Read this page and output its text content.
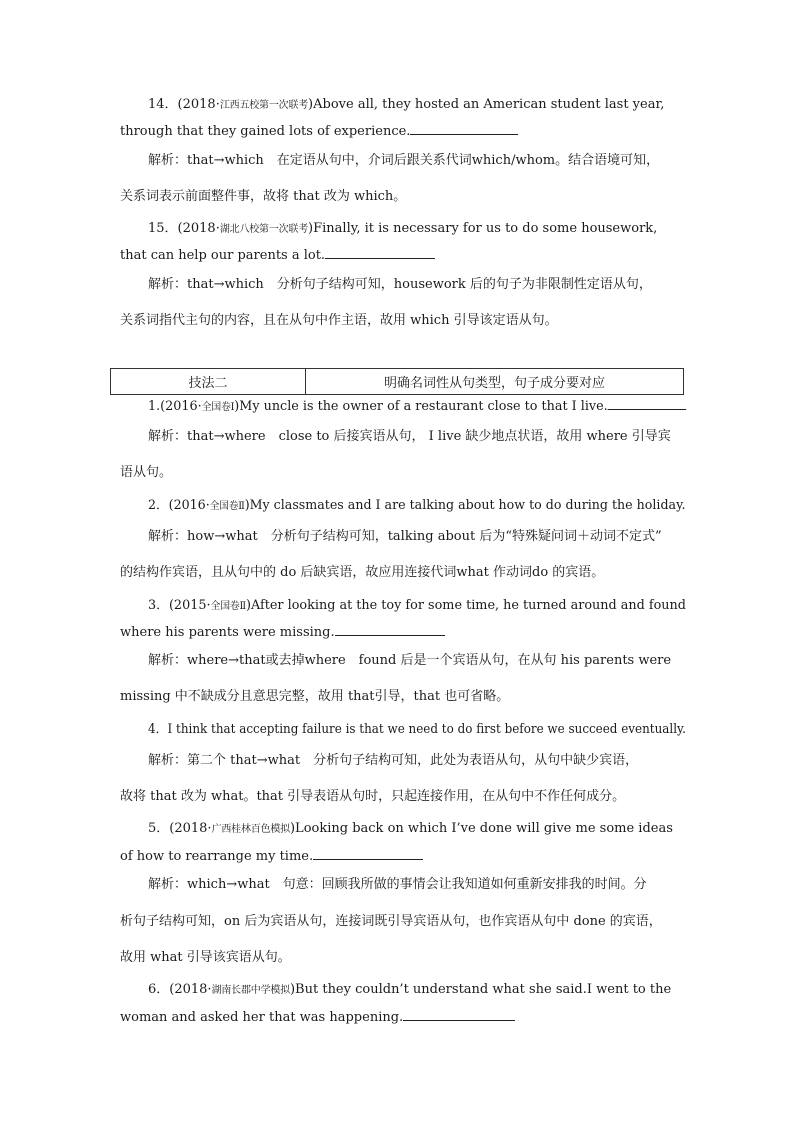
14．(2018·江西五校第一次联考)Above all, they hosted an American student last year,
through that they gained lots of experience.
解析：that→which　在定语从句中，介词后跟关系代词which/whom。结合语境可知，
关系词表示前面整件事，故将 that 改为 which。
15．(2018·湖北八校第一次联考)Finally, it is necessary for us to do some housework,
that can help our parents a lot.
解析：that→which　分析句子结构可知，housework 后的句子为非限制性定语从句，
关系词指代主句的内容，且在从句中作主语，故用 which 引导该定语从句。
技法二	明确名词性从句类型，句子成分要对应
1.(2016·全国卷Ⅰ)My uncle is the owner of a restaurant close to that I live.
解析：that→where　close to 后接宾语从句， I live 缺少地点状语，故用 where 引导宾
语从句。
2．(2016·全国卷Ⅱ)My classmates and I are talking about how to do during the holiday.
解析：how→what　分析句子结构可知，talking about 后为“特殊疑问词＋动词不定式”
的结构作宾语，且从句中的 do 后缺宾语，故应用连接代词what 作动词do 的宾语。
3．(2015·全国卷Ⅱ)After looking at the toy for some time, he turned around and found
where his parents were missing.
解析：where→that或去掉where　found 后是一个宾语从句，在从句 his parents were
missing 中不缺成分且意思完整，故用 that引导，that 也可省略。
4．I think that accepting failure is that we need to do first before we succeed eventually.
解析：第二个 that→what　分析句子结构可知，此处为表语从句，从句中缺少宾语，
故将 that 改为 what。that 引导表语从句时，只起连接作用，在从句中不作任何成分。
5．(2018·广西桂林百色模拟)Looking back on which I’ve done will give me some ideas
of how to rearrange my time.
解析：which→what　句意：回顾我所做的事情会让我知道如何重新安排我的时间。分
析句子结构可知，on 后为宾语从句，连接词既引导宾语从句，也作宾语从句中 done 的宾语，
故用 what 引导该宾语从句。
6．(2018·湖南长郡中学模拟)But they couldn’t understand what she said.I went to the
woman and asked her that was happening.
